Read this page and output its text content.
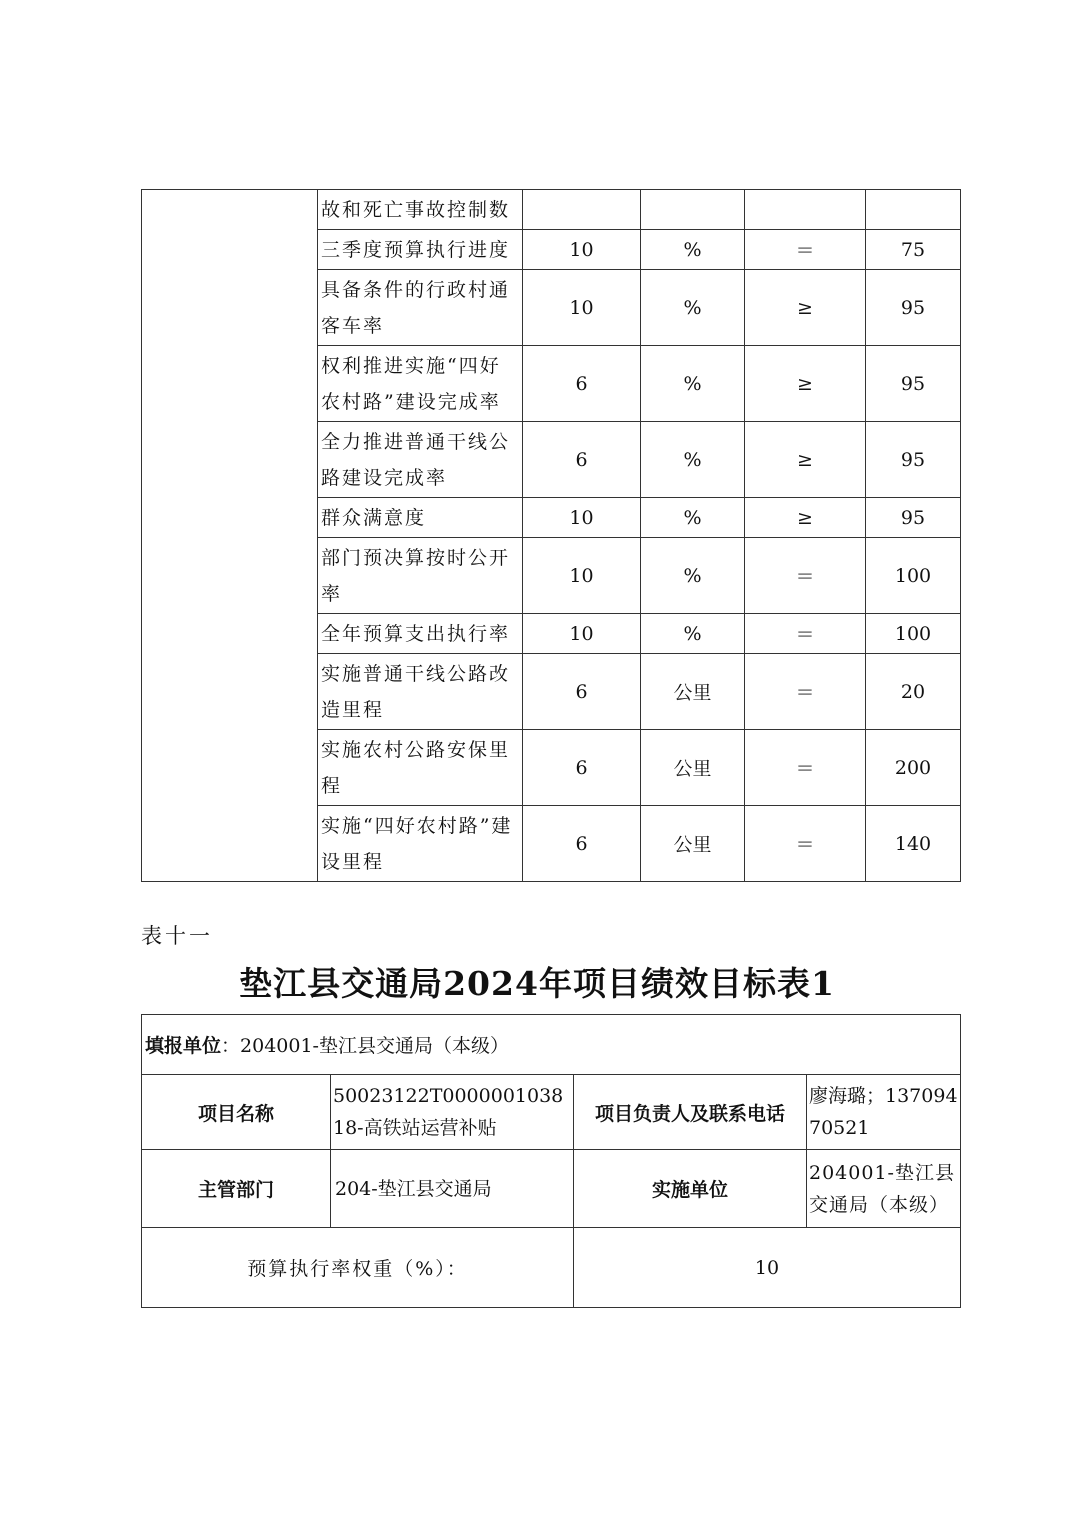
	故和死亡事故控制数				
	三季度预算执行进度	10	%	＝	75
	具备条件的行政村通客车率	10	%	≥	95
	权利推进实施“四好农村路”建设完成率	6	%	≥	95
	全力推进普通干线公路建设完成率	6	%	≥	95
	群众满意度	10	%	≥	95
	部门预决算按时公开率	10	%	＝	100
	全年预算支出执行率	10	%	＝	100
	实施普通干线公路改造里程	6	公里	＝	20
	实施农村公路安保里程	6	公里	＝	200
	实施“四好农村路”建设里程	6	公里	＝	140
表十一
垫江县交通局2024年项目绩效目标表1
填报单位：204001-垫江县交通局（本级）			
项目名称	50023122T000000103818-高铁站运营补贴	项目负责人及联系电话	廖海璐；13709470521
主管部门	204-垫江县交通局	实施单位	204001-垫江县交通局（本级）
预算执行率权重（%）：		10	
